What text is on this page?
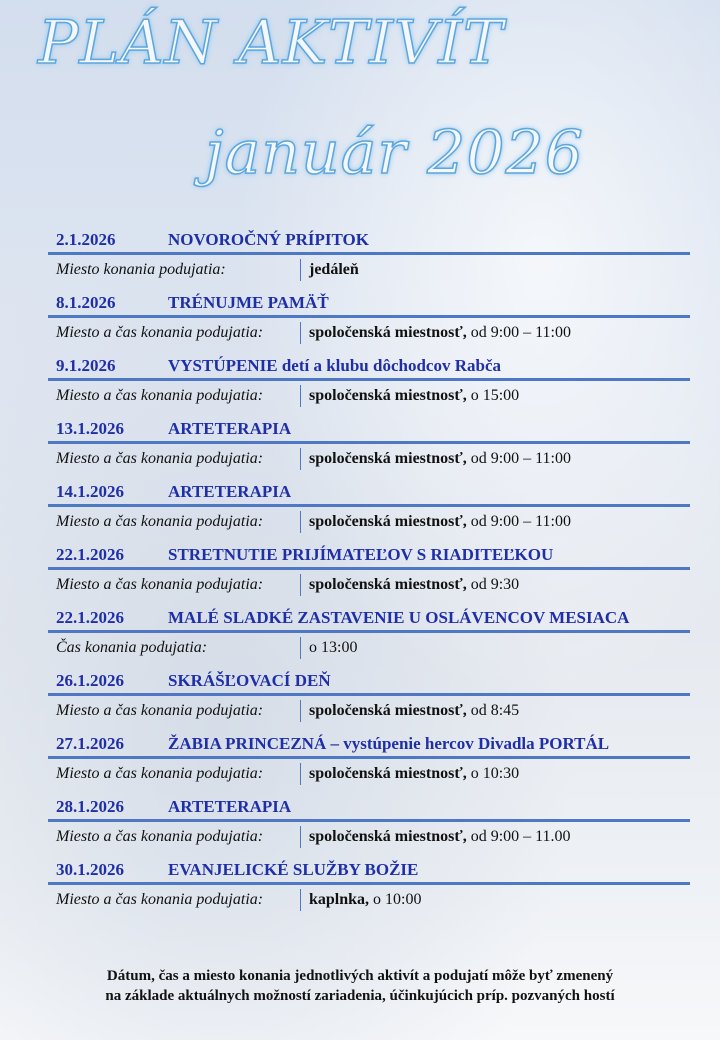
PLÁN AKTIVÍT
január 2026
2.1.2026	NOVOROČNÝ PRÍPITOK
Miesto konania podujatia:	jedáleň
8.1.2026	TRÉNUJME PAMÄŤ
Miesto a čas konania podujatia:	spoločenská miestnosť, od 9:00 – 11:00
9.1.2026	VYSTÚPENIE detí a klubu dôchodcov Rabča
Miesto a čas konania podujatia:	spoločenská miestnosť, o 15:00
13.1.2026	ARTETERAPIA
Miesto a čas konania podujatia:	spoločenská miestnosť, od 9:00 – 11:00
14.1.2026	ARTETERAPIA
Miesto a čas konania podujatia:	spoločenská miestnosť, od 9:00 – 11:00
22.1.2026	STRETNUTIE PRIJÍMATEĽOV S RIADITEĽKOU
Miesto a čas konania podujatia:	spoločenská miestnosť, od 9:30
22.1.2026	MALÉ SLADKÉ ZASTAVENIE U OSLÁVENCOV MESIACA
Čas konania podujatia:	o 13:00
26.1.2026	SKRÁŠĽOVACÍ DEŇ
Miesto a čas konania podujatia:	spoločenská miestnosť, od 8:45
27.1.2026	ŽABIA PRINCEZNÁ – vystúpenie hercov Divadla PORTÁL
Miesto a čas konania podujatia:	spoločenská miestnosť, o 10:30
28.1.2026	ARTETERAPIA
Miesto a čas konania podujatia:	spoločenská miestnosť, od 9:00 – 11.00
30.1.2026	EVANJELICKÉ SLUŽBY BOŽIE
Miesto a čas konania podujatia:	kaplnka, o 10:00
Dátum, čas a miesto konania jednotlivých aktivít a podujatí môže byť zmenený
na základe aktuálnych možností zariadenia, účinkujúcich príp. pozvaných hostí
